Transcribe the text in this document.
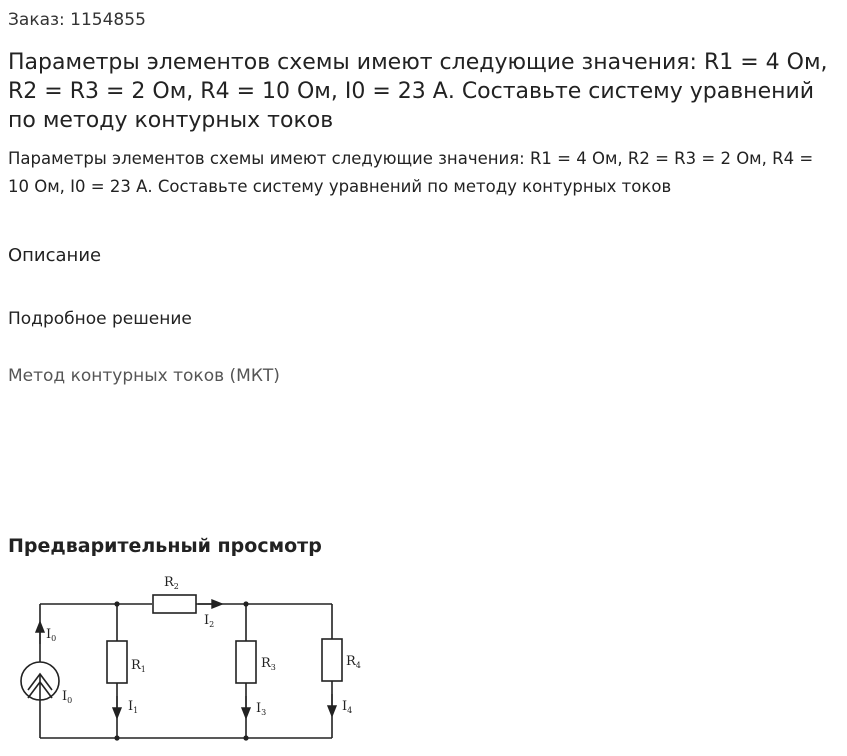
Заказ: 1154855
Параметры элементов схемы имеют следующие значения: R1 = 4 Ом, R2 = R3 = 2 Ом, R4 = 10 Ом, I0 = 23 А. Составьте систему уравнений по методу контурных токов

Параметры элементов схемы имеют следующие значения: R1 = 4 Ом, R2 = R3 = 2 Ом, R4 = 10 Ом, I0 = 23 А. Составьте систему уравнений по методу контурных токов

Описание
Подробное решение
Метод контурных токов (МКТ)
Предварительный просмотр
$R_2$
$I_2$
$I_0$
$I_0$
$R_1$	$R_3$	$R_4$
$I_1$	$I_3$	$I_4$
